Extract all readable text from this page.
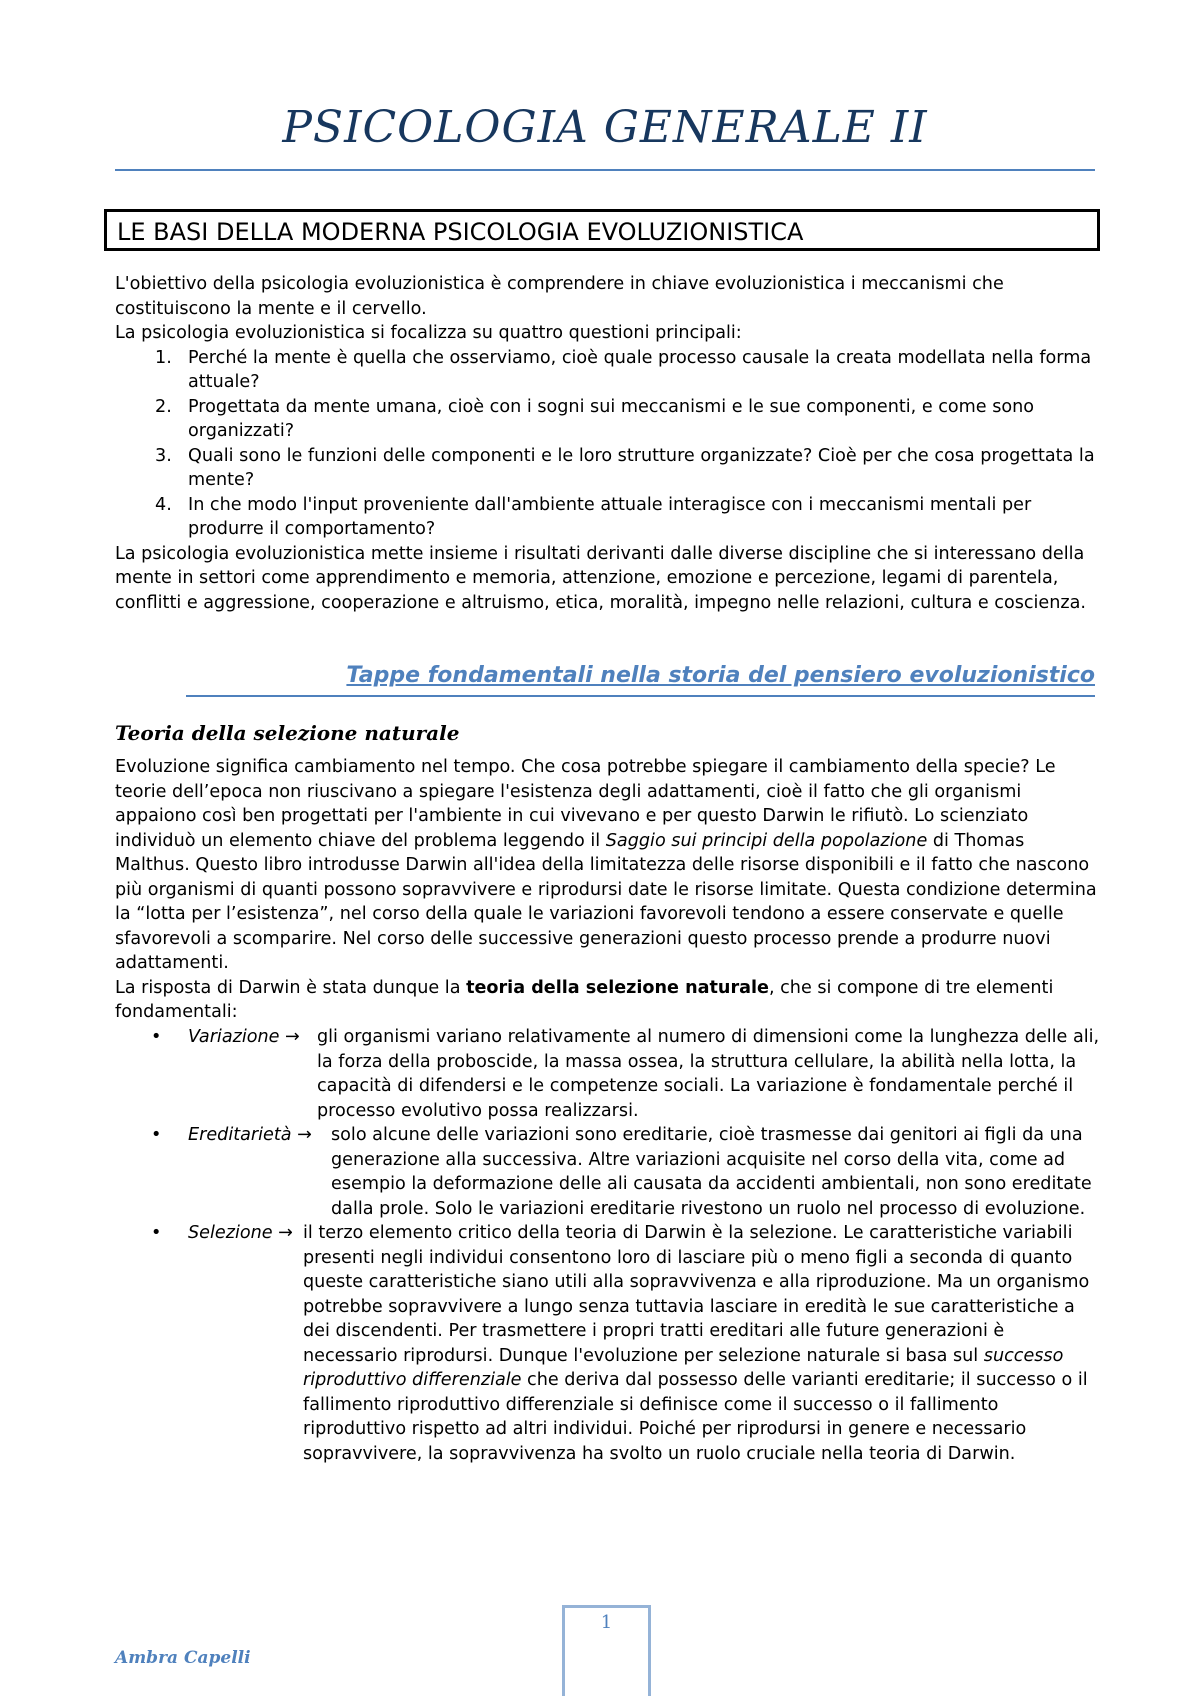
PSICOLOGIA GENERALE II
LE BASI DELLA MODERNA PSICOLOGIA EVOLUZIONISTICA

L'obiettivo della psicologia evoluzionistica è comprendere in chiave evoluzionistica i meccanismi che costituiscono la mente e il cervello.

La psicologia evoluzionistica si focalizza su quattro questioni principali:

1. Perché la mente è quella che osserviamo, cioè quale processo causale la creata modellata nella forma attuale?
2. Progettata da mente umana, cioè con i sogni sui meccanismi e le sue componenti, e come sono organizzati?
3. Quali sono le funzioni delle componenti e le loro strutture organizzate? Cioè per che cosa progettata la mente?
4. In che modo l'input proveniente dall'ambiente attuale interagisce con i meccanismi mentali per produrre il comportamento?

La psicologia evoluzionistica mette insieme i risultati derivanti dalle diverse discipline che si interessano della mente in settori come apprendimento e memoria, attenzione, emozione e percezione, legami di parentela, conflitti e aggressione, cooperazione e altruismo, etica, moralità, impegno nelle relazioni, cultura e coscienza.

Tappe fondamentali nella storia del pensiero evoluzionistico
Teoria della selezione naturale

Evoluzione significa cambiamento nel tempo. Che cosa potrebbe spiegare il cambiamento della specie? Le teorie dell’epoca non riuscivano a spiegare l'esistenza degli adattamenti, cioè il fatto che gli organismi appaiono così ben progettati per l'ambiente in cui vivevano e per questo Darwin le rifiutò. Lo scienziato individuò un elemento chiave del problema leggendo il Saggio sui principi della popolazione di Thomas Malthus. Questo libro introdusse Darwin all'idea della limitatezza delle risorse disponibili e il fatto che nascono più organismi di quanti possono sopravvivere e riprodursi date le risorse limitate. Questa condizione determina la “lotta per l’esistenza”, nel corso della quale le variazioni favorevoli tendono a essere conservate e quelle sfavorevoli a scomparire. Nel corso delle successive generazioni questo processo prende a produrre nuovi adattamenti.

La risposta di Darwin è stata dunque la teoria della selezione naturale, che si compone di tre elementi fondamentali:

• Variazione → gli organismi variano relativamente al numero di dimensioni come la lunghezza delle ali, la forza della proboscide, la massa ossea, la struttura cellulare, la abilità nella lotta, la capacità di difendersi e le competenze sociali. La variazione è fondamentale perché il processo evolutivo possa realizzarsi.
• Ereditarietà →	solo alcune delle variazioni sono ereditarie, cioè trasmesse dai genitori ai figli da una generazione alla successiva. Altre variazioni acquisite nel corso della vita, come ad esempio la deformazione delle ali causata da accidenti ambientali, non sono ereditate dalla prole. Solo le variazioni ereditarie rivestono un ruolo nel processo di evoluzione.
• Selezione → il terzo elemento critico della teoria di Darwin è la selezione. Le caratteristiche variabili presenti negli individui consentono loro di lasciare più o meno figli a seconda di quanto queste caratteristiche siano utili alla sopravvivenza e alla riproduzione. Ma un organismo potrebbe sopravvivere a lungo senza tuttavia lasciare in eredità le sue caratteristiche a dei discendenti. Per trasmettere i propri tratti ereditari alle future generazioni è necessario riprodursi. Dunque l'evoluzione per selezione naturale si basa sul successo riproduttivo differenziale che deriva dal possesso delle varianti ereditarie; il successo o il fallimento riproduttivo differenziale si definisce come il successo o il fallimento riproduttivo rispetto ad altri individui. Poiché per riprodursi in genere e necessario sopravvivere, la sopravvivenza ha svolto un ruolo cruciale nella teoria di Darwin.
1
Ambra Capelli
